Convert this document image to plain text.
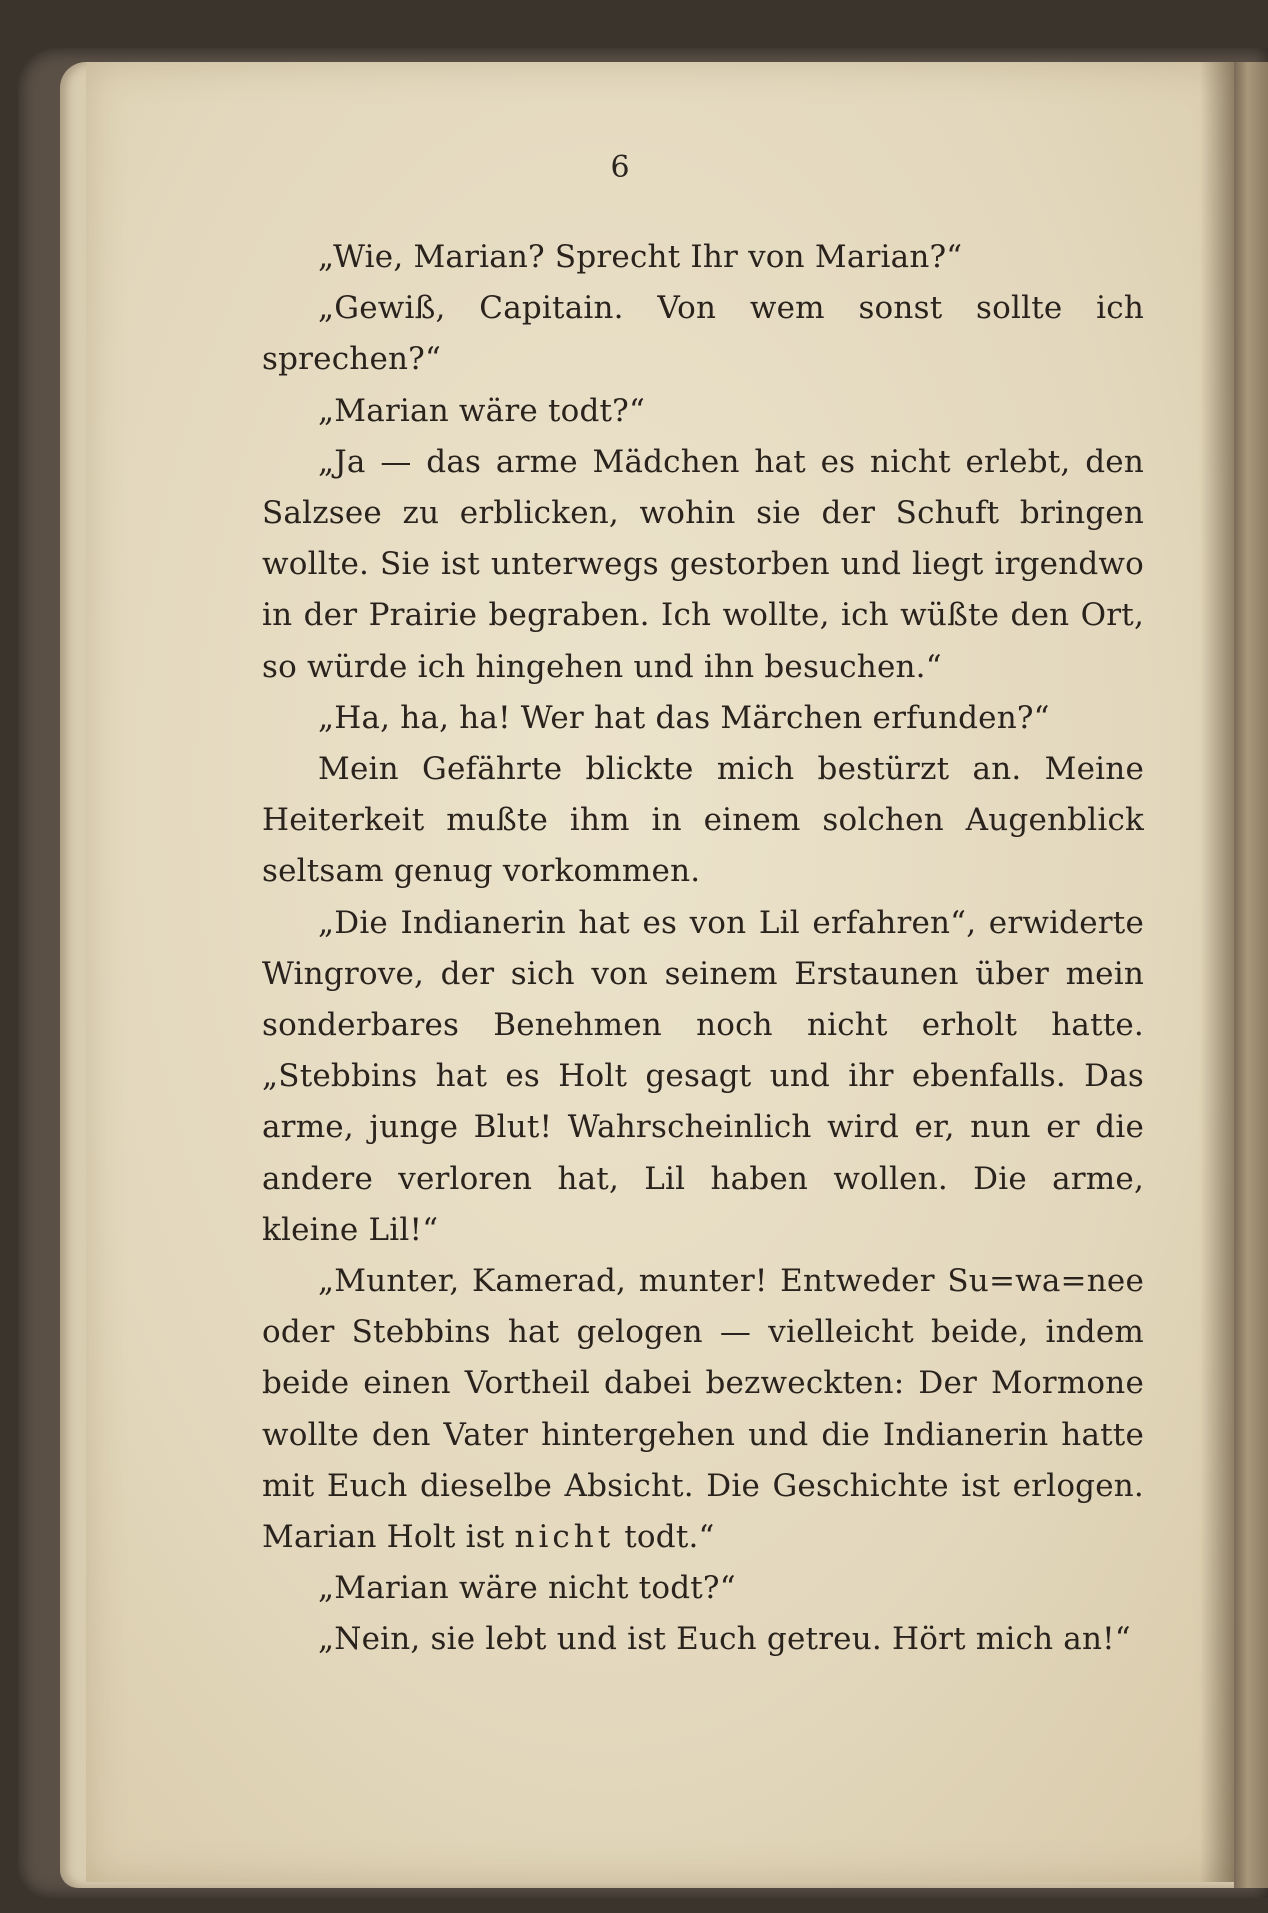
6

„Wie, Marian? Sprecht Ihr von Marian?“

„Gewiß, Capitain. Von wem sonst sollte ich sprechen?“

„Marian wäre todt?“

„Ja — das arme Mädchen hat es nicht erlebt, den Salzsee zu erblicken, wohin sie der Schuft bringen wollte. Sie ist unterwegs gestorben und liegt irgendwo in der Prairie begraben. Ich wollte, ich wüßte den Ort, so würde ich hingehen und ihn besuchen.“

„Ha, ha, ha! Wer hat das Märchen erfunden?“

Mein Gefährte blickte mich bestürzt an. Meine Heiterkeit mußte ihm in einem solchen Augenblick seltsam genug vorkommen.

„Die Indianerin hat es von Lil erfahren“, erwiderte Wingrove, der sich von seinem Erstaunen über mein sonderbares Benehmen noch nicht erholt hatte. „Stebbins hat es Holt gesagt und ihr ebenfalls. Das arme, junge Blut! Wahrscheinlich wird er, nun er die andere verloren hat, Lil haben wollen. Die arme, kleine Lil!“

„Munter, Kamerad, munter! Entweder Su=wa=nee oder Stebbins hat gelogen — vielleicht beide, indem beide einen Vortheil dabei bezweckten: Der Mormone wollte den Vater hintergehen und die Indianerin hatte mit Euch dieselbe Absicht. Die Geschichte ist erlogen. Marian Holt ist nicht todt.“

„Marian wäre nicht todt?“

„Nein, sie lebt und ist Euch getreu. Hört mich an!“
